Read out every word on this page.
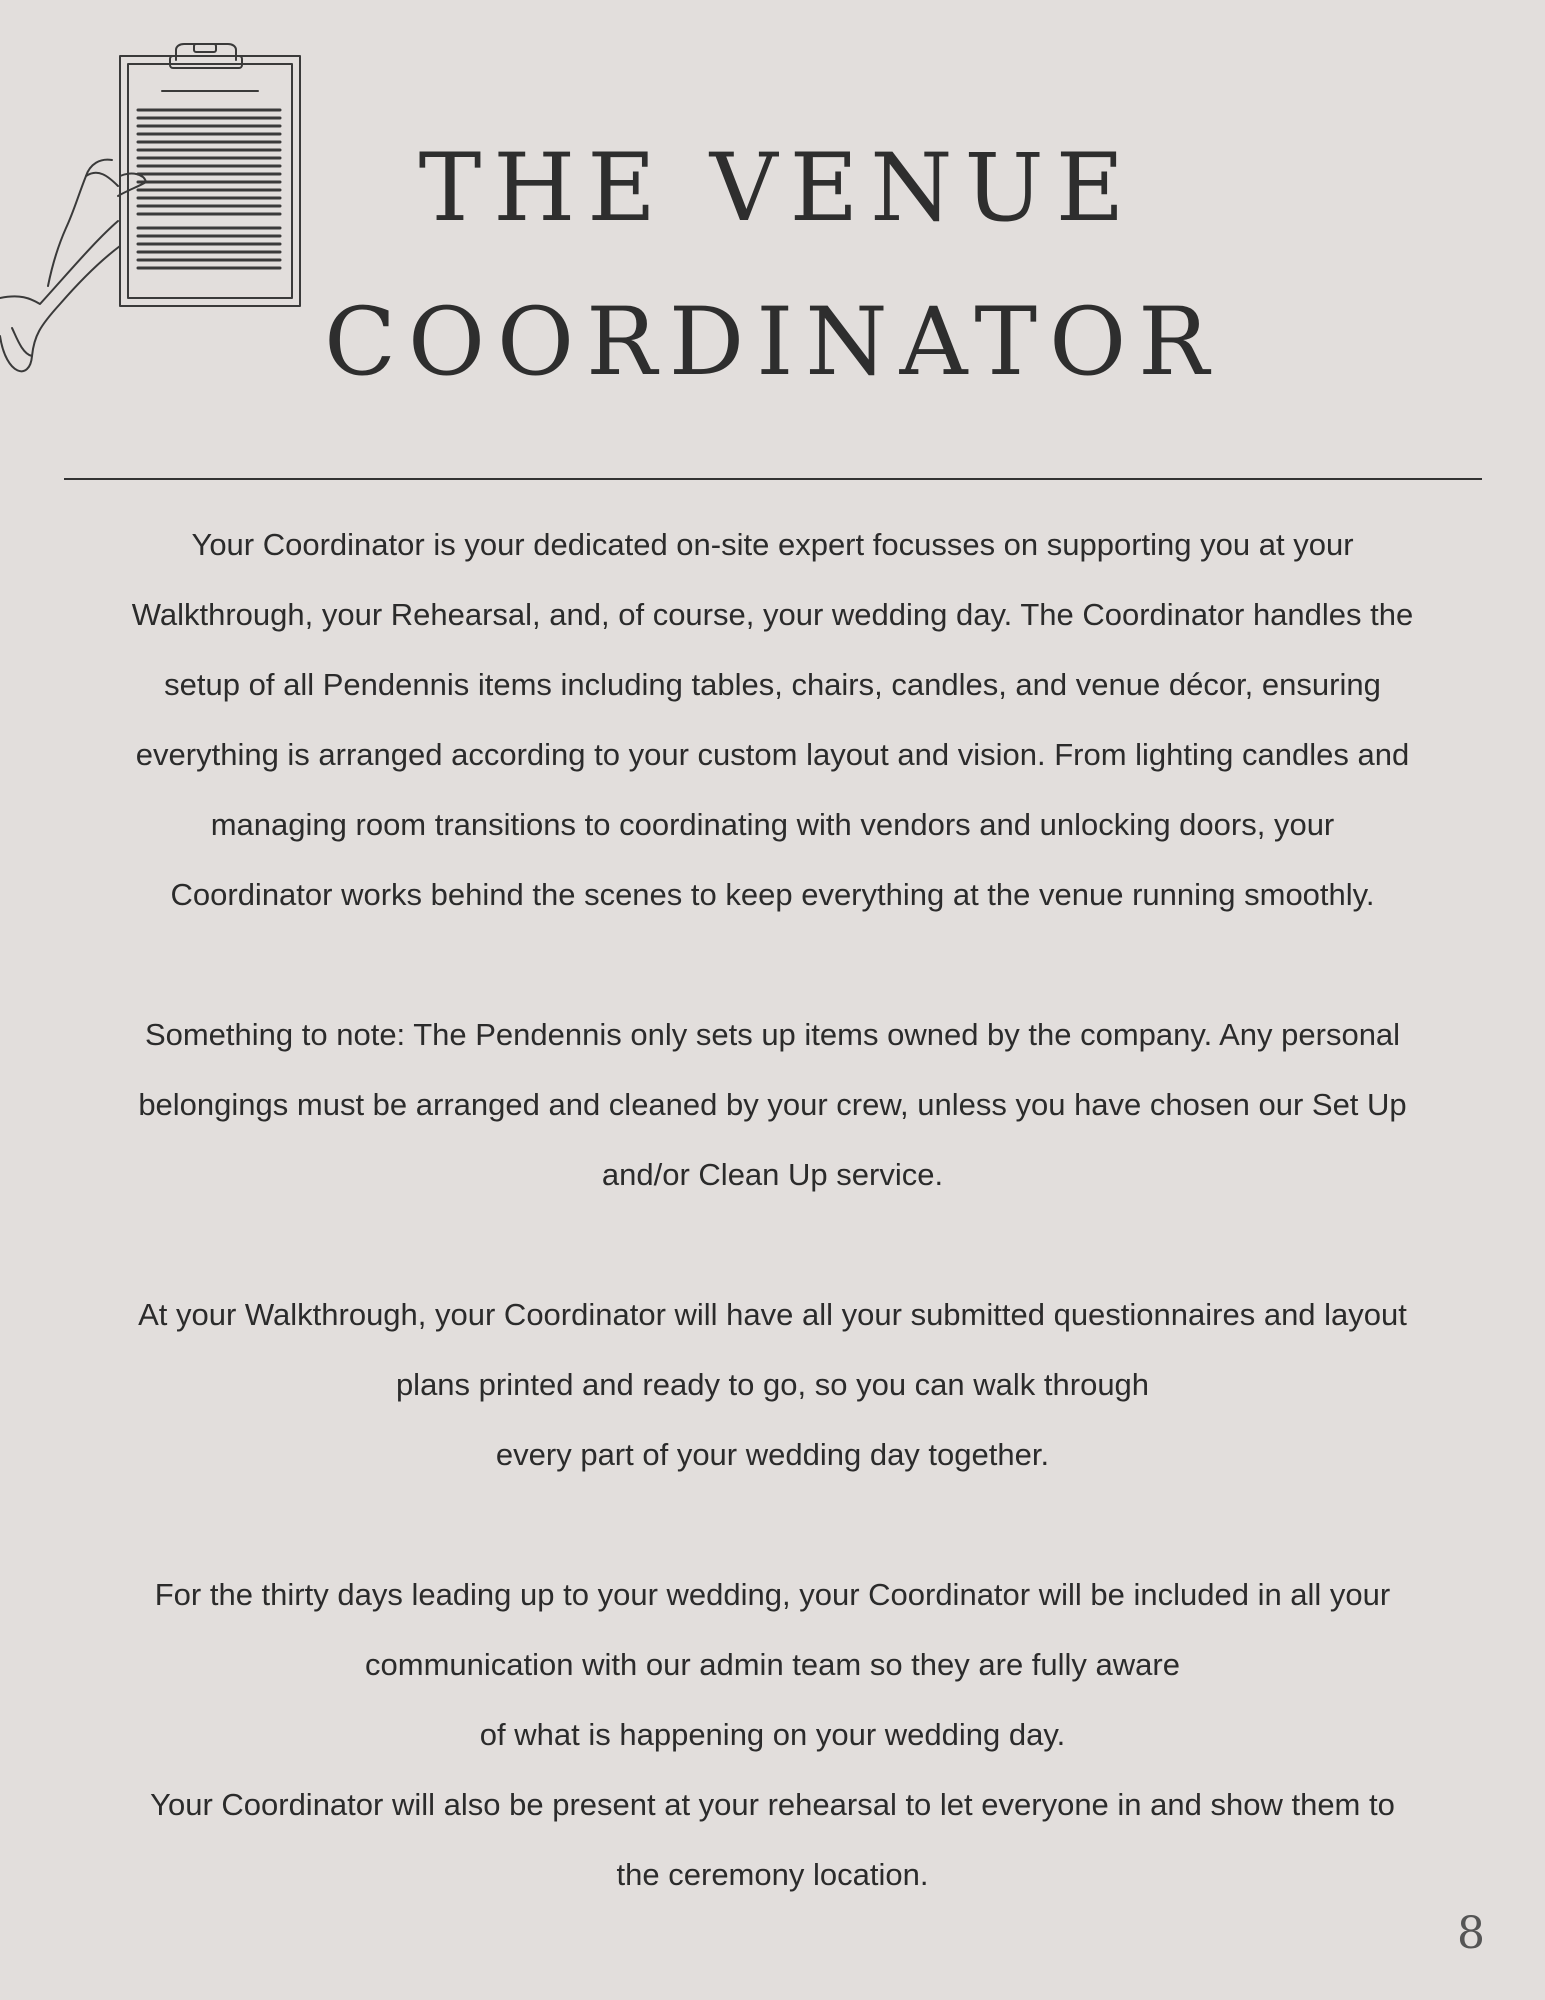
THE VENUE
COORDINATOR

Your Coordinator is your dedicated on-site expert focusses on supporting you at your
Walkthrough, your Rehearsal, and, of course, your wedding day. The Coordinator handles the
setup of all Pendennis items including tables, chairs, candles, and venue décor, ensuring
everything is arranged according to your custom layout and vision. From lighting candles and
managing room transitions to coordinating with vendors and unlocking doors, your
Coordinator works behind the scenes to keep everything at the venue running smoothly.

Something to note: The Pendennis only sets up items owned by the company. Any personal
belongings must be arranged and cleaned by your crew, unless you have chosen our Set Up
and/or Clean Up service.

At your Walkthrough, your Coordinator will have all your submitted questionnaires and layout
plans printed and ready to go, so you can walk through
every part of your wedding day together.

For the thirty days leading up to your wedding, your Coordinator will be included in all your
communication with our admin team so they are fully aware
of what is happening on your wedding day.
Your Coordinator will also be present at your rehearsal to let everyone in and show them to
the ceremony location.

8
